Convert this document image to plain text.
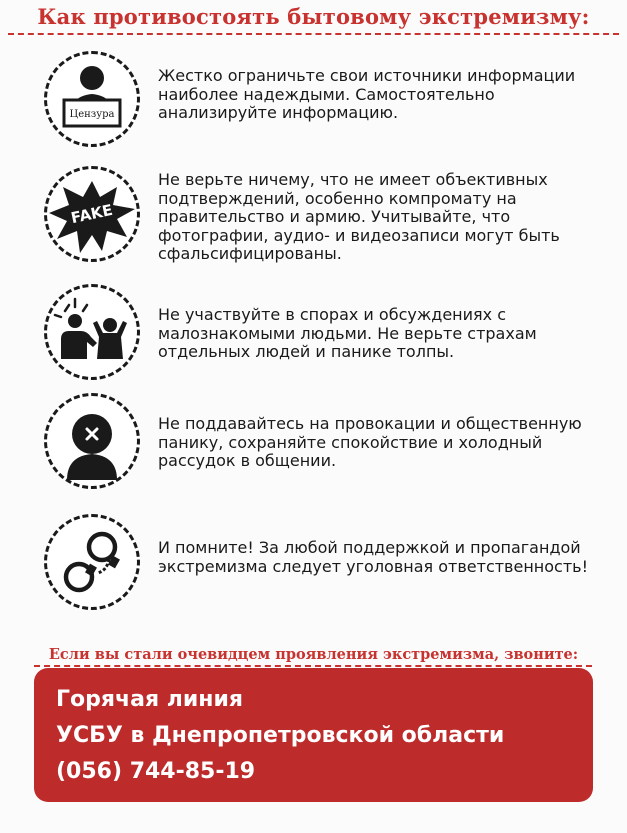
Как противостоять бытовому экстремизму:
Цензура
Жестко ограничьте свои источники информации наиболее надеждыми. Самостоятельно анализируйте информацию.
FAKE
Не верьте ничему, что не имеет объективных подтверждений, особенно компромату на правительство и армию. Учитывайте, что фотографии, аудио- и видеозаписи могут быть сфальсифицированы.
Не участвуйте в спорах и обсуждениях с малознакомыми людьми. Не верьте страхам отдельных людей и панике толпы.
Не поддавайтесь на провокации и общественную панику, сохраняйте спокойствие и холодный рассудок в общении.
И помните! За любой поддержкой и пропагандой экстремизма следует уголовная ответственность!
Если вы стали очевидцем проявления экстремизма, звоните:
Горячая линия
УСБУ в Днепропетровской области
(056) 744-85-19
